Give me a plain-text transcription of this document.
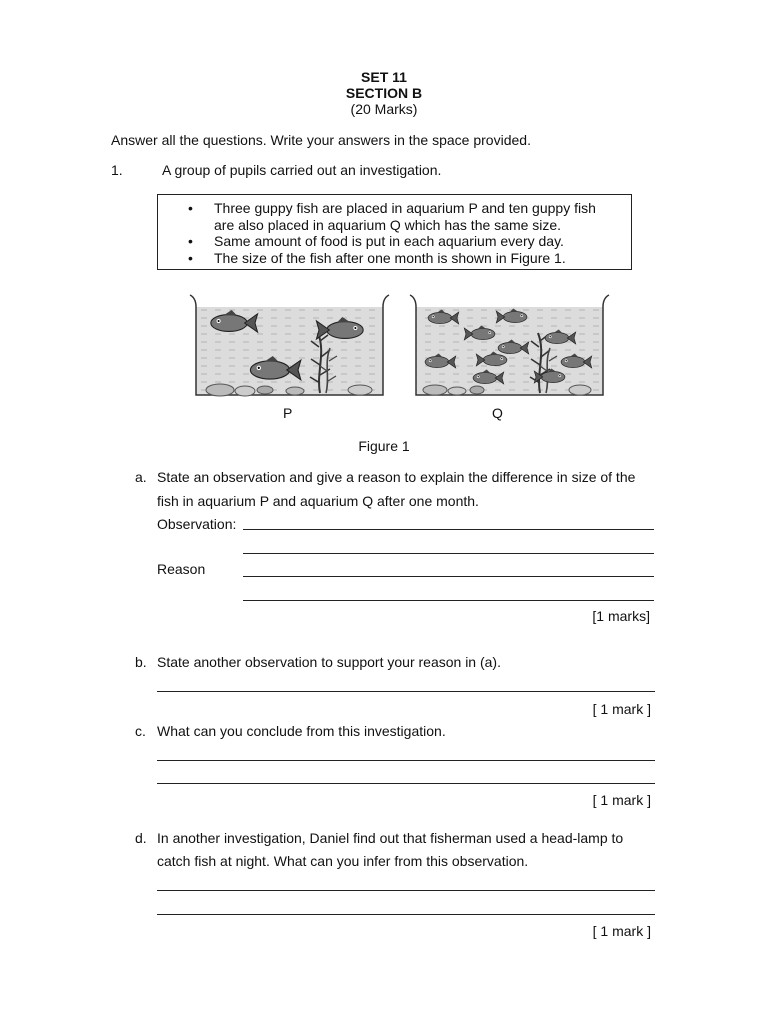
SET 11
SECTION B
(20 Marks)
Answer all the questions. Write your answers in the space provided.
1.	A group of pupils carried out an investigation.
• Three guppy fish are placed in aquarium P and ten guppy fish are also placed in aquarium Q which has the same size.
• Same amount of food is put in each aquarium every day.
• The size of the fish after one month is shown in Figure 1.
P	Q
Figure 1
a. State an observation and give a reason to explain the difference in size of the
fish in aquarium P and aquarium Q after one month.
Observation:
Reason
[1 marks]
b. State another observation to support your reason in (a).
[ 1 mark ]
c. What can you conclude from this investigation.
[ 1 mark ]
d. In another investigation, Daniel find out that fisherman used a head-lamp to
catch fish at night. What can you infer from this observation.
[ 1 mark ]
